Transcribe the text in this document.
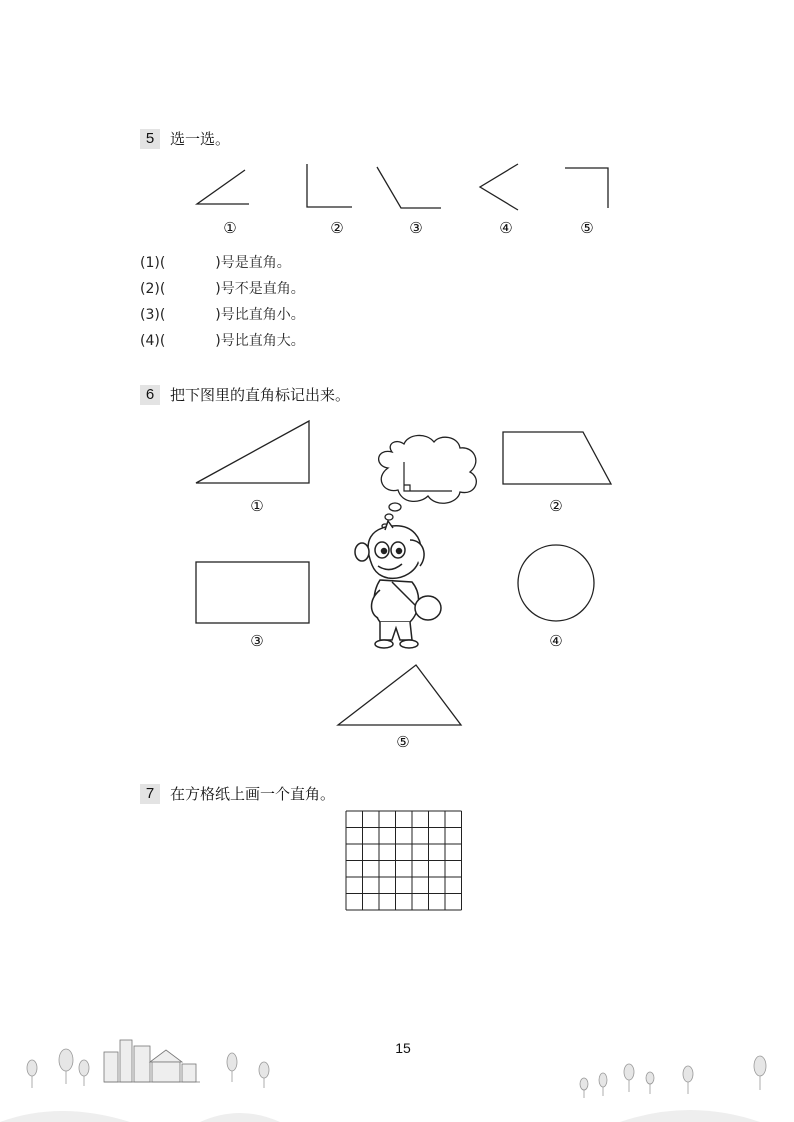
5	选一选。
①	②	③	④	⑤
(1)(	)号是直角。
(2)(	)号不是直角。
(3)(	)号比直角小。
(4)(	)号比直角大。
6	把下图里的直角标记出来。
①	②
③	④
⑤
7	在方格纸上画一个直角。
15
